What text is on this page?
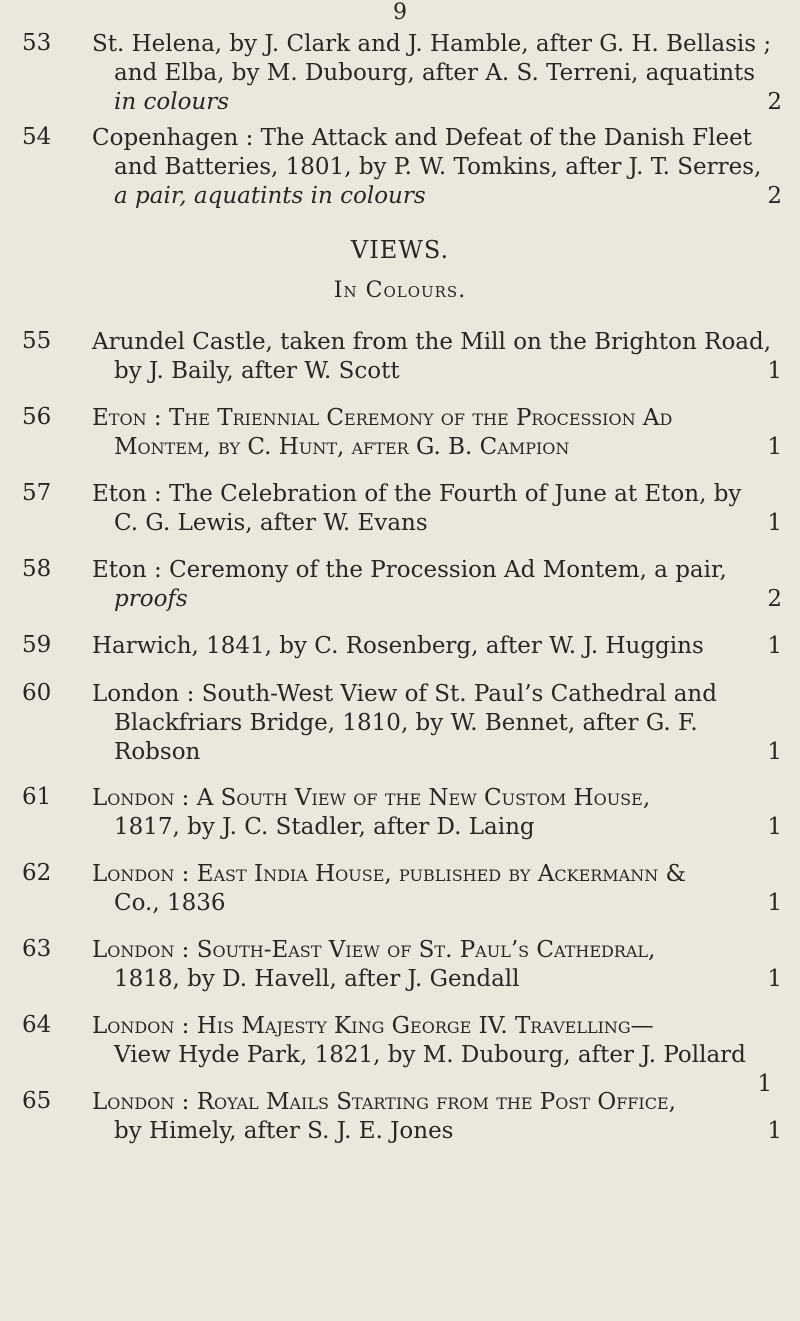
9
53 St. Helena, by J. Clark and J. Hamble, after G. H. Bellasis ;
and Elba, by M. Dubourg, after A. S. Terreni, aquatints
in colours	2
54 Copenhagen : The Attack and Defeat of the Danish Fleet
and Batteries, 1801, by P. W. Tomkins, after J. T. Serres,
a pair, aquatints in colours	2
VIEWS.
In Colours.
55 Arundel Castle, taken from the Mill on the Brighton Road,
by J. Baily, after W. Scott	1
56 Eton : The Triennial Ceremony of the Procession Ad
Montem, by C. Hunt, after G. B. Campion	1
57 Eton : The Celebration of the Fourth of June at Eton, by
C. G. Lewis, after W. Evans	1
58 Eton : Ceremony of the Procession Ad Montem, a pair,
proofs	2
59 Harwich, 1841, by C. Rosenberg, after W. J. Huggins	1
60 London : South-West View of St. Paul’s Cathedral and
Blackfriars Bridge, 1810, by W. Bennet, after G. F.
Robson	1
61 London : A South View of the New Custom House,
1817, by J. C. Stadler, after D. Laing	1
62 London : East India House, published by Ackermann &
Co., 1836	1
63 London : South-East View of St. Paul’s Cathedral,
1818, by D. Havell, after J. Gendall	1
64 London : His Majesty King George IV. Travelling—
View Hyde Park, 1821, by M. Dubourg, after J. Pollard
1
65 London : Royal Mails Starting from the Post Office,
by Himely, after S. J. E. Jones	1
